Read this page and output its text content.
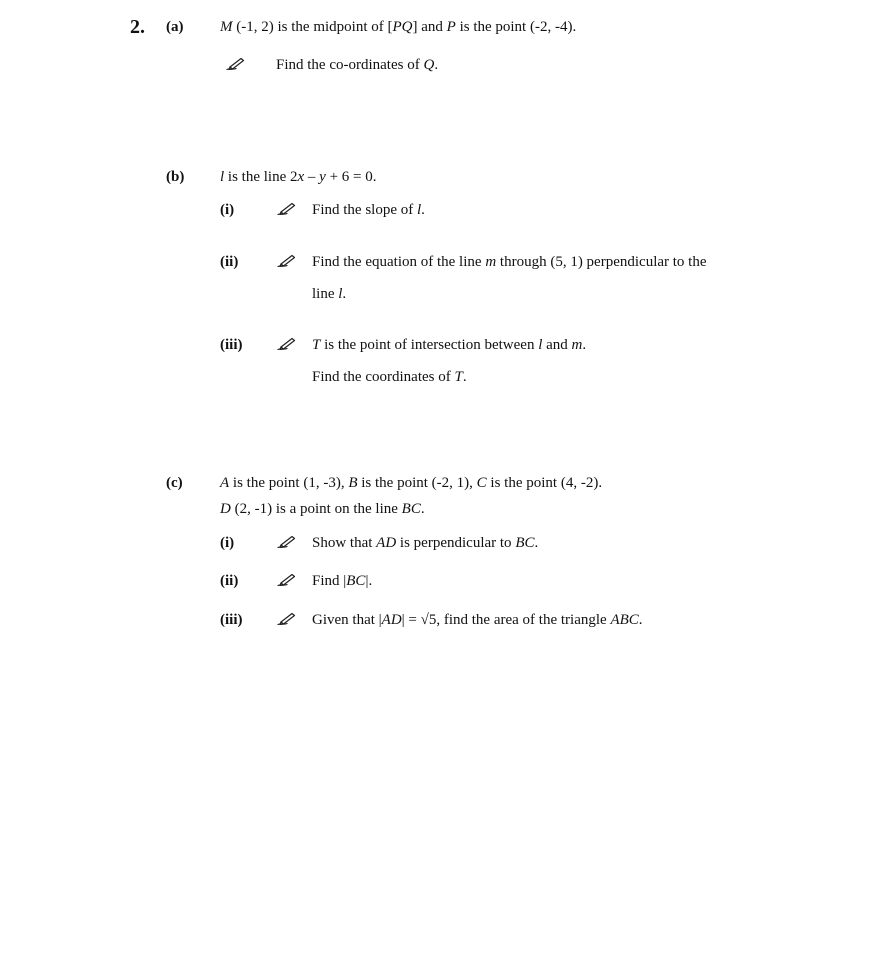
2. (a) M (-1, 2) is the midpoint of [PQ] and P is the point (-2, -4).
Find the co-ordinates of Q.
(b) l is the line 2x – y + 6 = 0.
(i)	Find the slope of l.
(ii)	Find the equation of the line m through (5, 1) perpendicular to the
line l.
(iii)	T is the point of intersection between l and m.
Find the coordinates of T.
(c) A is the point (1, -3), B is the point (-2, 1), C is the point (4, -2).
D (2, -1) is a point on the line BC.
(i)	Show that AD is perpendicular to BC.
(ii)	Find |BC|.
(iii)	Given that |AD| = √5, find the area of the triangle ABC.
